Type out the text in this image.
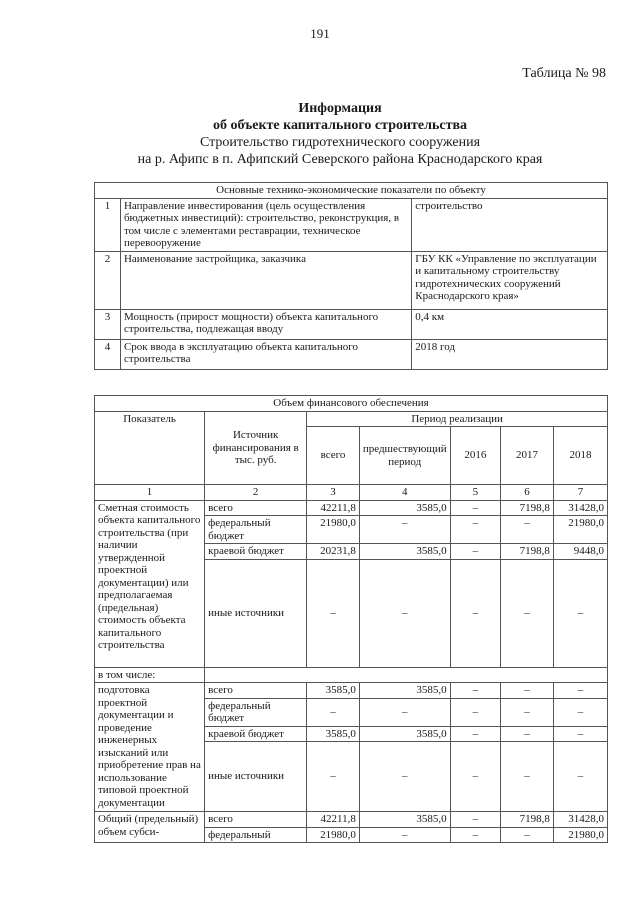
191
Таблица № 98
Информация
об объекте капитального строительства
Строительство гидротехнического сооружения
на р. Афипс в п. Афипский Северского района Краснодарского края
Основные технико-экономические показатели по объекту		
1	Направление инвестирования (цель осуществления бюджетных инвестиций): строительство, реконструкция, в том числе с элементами реставрации, техническое перевооружение	строительство
2	Наименование застройщика, заказчика	ГБУ КК «Управление по эксплуатации и капитальному строительству гидротехнических сооружений Краснодарского края»
3	Мощность (прирост мощности) объекта капитального строительства, подлежащая вводу	0,4 км
4	Срок ввода в эксплуатацию объекта капитального строительства	2018 год
Объем финансового обеспечения						
Показатель	Источник финансирования в тыс. руб.	Период реализации				
		всего	предшествующий период	2016	2017	2018
1	2	3	4	5	6	7
Сметная стоимость объекта капитального строительства (при наличии утвержденной проектной документации) или предполагаемая (предельная) стоимость объекта капитального строительства	всего	42211,8	3585,0	–	7198,8	31428,0
	федеральный бюджет	21980,0	–	–	–	21980,0
	краевой бюджет	20231,8	3585,0	–	7198,8	9448,0
	иные источники	–	–	–	–	–
в том числе:						
подготовка проектной документации и проведение инженерных изысканий или приобретение прав на использование типовой проектной документации	всего	3585,0	3585,0	–	–	–
	федеральный бюджет	–	–	–	–	–
	краевой бюджет	3585,0	3585,0	–	–	–
	иные источники	–	–	–	–	–
Общий (предельный) объем субси-	всего	42211,8	3585,0	–	7198,8	31428,0
	федеральный	21980,0	–	–	–	21980,0
